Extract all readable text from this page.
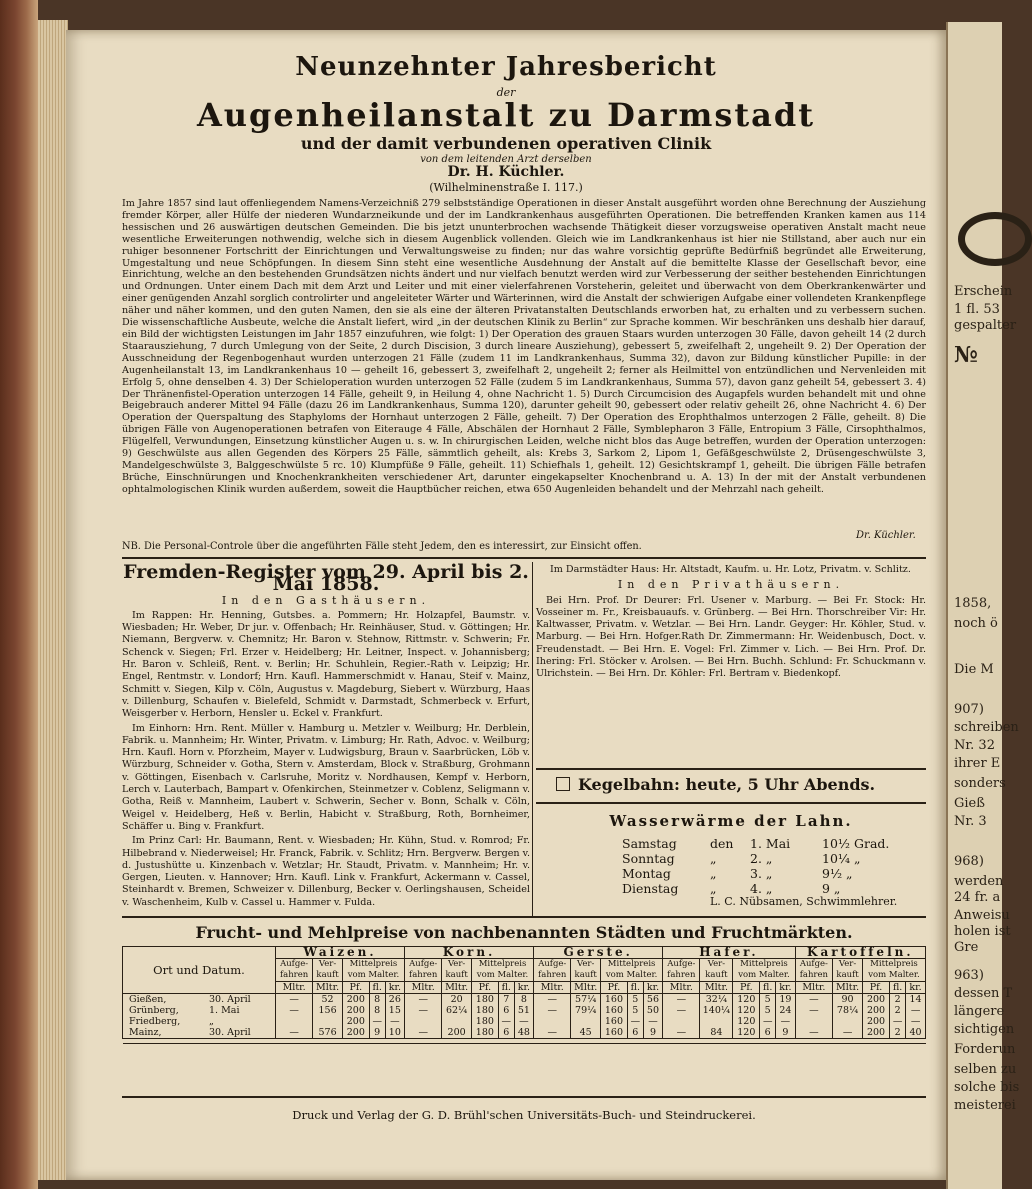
Neunzehnter Jahresbericht
der
Augenheilanstalt zu Darmstadt
und der damit verbundenen operativen Clinik
von dem leitenden Arzt derselben
Dr. H. Küchler.
(Wilhelminenstraße I. 117.)
Im Jahre 1857 sind laut offenliegendem Namens-Verzeichniß 279 selbstständige Operationen in dieser Anstalt ausgeführt worden ohne Berechnung der Ausziehung fremder Körper, aller Hülfe der niederen Wundarzneikunde und der im Landkrankenhaus ausgeführten Operationen. Die betreffenden Kranken kamen aus 114 hessischen und 26 auswärtigen deutschen Gemeinden. Die bis jetzt ununterbrochen wachsende Thätigkeit dieser vorzugsweise operativen Anstalt macht neue wesentliche Erweiterungen nothwendig, welche sich in diesem Augenblick vollenden. Gleich wie im Landkrankenhaus ist hier nie Stillstand, aber auch nur ein ruhiger besonnener Fortschritt der Einrichtungen und Verwaltungsweise zu finden; nur das wahre vorsichtig geprüfte Bedürfniß begründet alle Erweiterung, Umgestaltung und neue Schöpfungen. In diesem Sinn steht eine wesentliche Ausdehnung der Anstalt auf die bemittelte Klasse der Gesellschaft bevor, eine Einrichtung, welche an den bestehenden Grundsätzen nichts ändert und nur vielfach benutzt werden wird zur Verbesserung der seither bestehenden Einrichtungen und Ordnungen. Unter einem Dach mit dem Arzt und Leiter und mit einer vielerfahrenen Vorsteherin, geleitet und überwacht von dem Oberkrankenwärter und einer genügenden Anzahl sorglich controlirter und angeleiteter Wärter und Wärterinnen, wird die Anstalt der schwierigen Aufgabe einer vollendeten Krankenpflege näher und näher kommen, und den guten Namen, den sie als eine der älteren Privatanstalten Deutschlands erworben hat, zu erhalten und zu verbessern suchen. Die wissenschaftliche Ausbeute, welche die Anstalt liefert, wird „in der deutschen Klinik zu Berlin“ zur Sprache kommen. Wir beschränken uns deshalb hier darauf, ein Bild der wichtigsten Leistungen im Jahr 1857 einzufuhren, wie folgt: 1) Der Operation des grauen Staars wurden unterzogen 30 Fälle, davon geheilt 14 (2 durch Staarausziehung, 7 durch Umlegung von der Seite, 2 durch Discision, 3 durch lineare Ausziehung), gebessert 5, zweifelhaft 2, ungeheilt 9. 2) Der Operation der Ausschneidung der Regenbogenhaut wurden unterzogen 21 Fälle (zudem 11 im Landkrankenhaus, Summa 32), davon zur Bildung künstlicher Pupille: in der Augenheilanstalt 13, im Landkrankenhaus 10 — geheilt 16, gebessert 3, zweifelhaft 2, ungeheilt 2; ferner als Heilmittel von entzündlichen und Nervenleiden mit Erfolg 5, ohne denselben 4. 3) Der Schieloperation wurden unterzogen 52 Fälle (zudem 5 im Landkrankenhaus, Summa 57), davon ganz geheilt 54, gebessert 3. 4) Der Thränenfistel-Operation unterzogen 14 Fälle, geheilt 9, in Heilung 4, ohne Nachricht 1. 5) Durch Circumcision des Augapfels wurden behandelt mit und ohne Beigebrauch anderer Mittel 94 Fälle (dazu 26 im Landkrankenhaus, Summa 120), darunter geheilt 90, gebessert oder relativ geheilt 26, ohne Nachricht 4. 6) Der Operation der Querspaltung des Staphyloms der Hornhaut unterzogen 2 Fälle, geheilt. 7) Der Operation des Erophthalmos unterzogen 2 Fälle, geheilt. 8) Die übrigen Fälle von Augenoperationen betrafen von Eiterauge 4 Fälle, Abschälen der Hornhaut 2 Fälle, Symblepharon 3 Fälle, Entropium 3 Fälle, Cirsophthalmos, Flügelfell, Verwundungen, Einsetzung künstlicher Augen u. s. w. In chirurgischen Leiden, welche nicht blos das Auge betreffen, wurden der Operation unterzogen: 9) Geschwülste aus allen Gegenden des Körpers 25 Fälle, sämmtlich geheilt, als: Krebs 3, Sarkom 2, Lipom 1, Gefäßgeschwülste 2, Drüsengeschwülste 3, Mandelgeschwülste 3, Balggeschwülste 5 rc. 10) Klumpfüße 9 Fälle, geheilt. 11) Schiefhals 1, geheilt. 12) Gesichtskrampf 1, geheilt. Die übrigen Fälle betrafen Brüche, Einschnürungen und Knochenkrankheiten verschiedener Art, darunter eingekapselter Knochenbrand u. A. 13) In der mit der Anstalt verbundenen ophtalmologischen Klinik wurden außerdem, soweit die Hauptbücher reichen, etwa 650 Augenleiden behandelt und der Mehrzahl nach geheilt.
Dr. Küchler.
NB. Die Personal-Controle über die angeführten Fälle steht Jedem, den es interessirt, zur Einsicht offen.
Fremden-Register vom 29. April bis 2. Mai 1858.
In den Gasthäusern.

Im Rappen: Hr. Henning, Gutsbes. a. Pommern; Hr. Holzapfel, Baumstr. v. Wiesbaden; Hr. Weber, Dr jur. v. Offenbach; Hr. Reinhäuser, Stud. v. Göttingen; Hr. Niemann, Bergverw. v. Chemnitz; Hr. Baron v. Stehnow, Rittmstr. v. Schwerin; Fr. Schenck v. Siegen; Frl. Erzer v. Heidelberg; Hr. Leitner, Inspect. v. Johannisberg; Hr. Baron v. Schleiß, Rent. v. Berlin; Hr. Schuhlein, Regier.-Rath v. Leipzig; Hr. Engel, Rentmstr. v. Londorf; Hrn. Kaufl. Hammerschmidt v. Hanau, Steif v. Mainz, Schmitt v. Siegen, Kilp v. Cöln, Augustus v. Magdeburg, Siebert v. Würzburg, Haas v. Dillenburg, Schaufen v. Bielefeld, Schmidt v. Darmstadt, Schmerbeck v. Erfurt, Weisgerber v. Herborn, Hensler u. Eckel v. Frankfurt.

Im Einhorn: Hrn. Rent. Müller v. Hamburg u. Metzler v. Weilburg; Hr. Derblein, Fabrik. u. Mannheim; Hr. Winter, Privatm. v. Limburg; Hr. Rath, Advoc. v. Weilburg; Hrn. Kaufl. Horn v. Pforzheim, Mayer v. Ludwigsburg, Braun v. Saarbrücken, Löb v. Würzburg, Schneider v. Gotha, Stern v. Amsterdam, Block v. Straßburg, Grohmann v. Göttingen, Eisenbach v. Carlsruhe, Moritz v. Nordhausen, Kempf v. Herborn, Lerch v. Lauterbach, Bampart v. Ofenkirchen, Steinmetzer v. Coblenz, Seligmann v. Gotha, Reiß v. Mannheim, Laubert v. Schwerin, Secher v. Bonn, Schalk v. Cöln, Weigel v. Heidelberg, Heß v. Berlin, Habicht v. Straßburg, Roth, Bornheimer, Schäffer u. Bing v. Frankfurt.

Im Prinz Carl: Hr. Baumann, Rent. v. Wiesbaden; Hr. Kühn, Stud. v. Romrod; Fr. Hilbebrand v. Niederweisel; Hr. Franck, Fabrik. v. Schlitz; Hrn. Bergverw. Bergen v. d. Justushütte u. Kinzenbach v. Wetzlar; Hr. Staudt, Privatm. v. Mannheim; Hr. v. Gergen, Lieuten. v. Hannover; Hrn. Kaufl. Link v. Frankfurt, Ackermann v. Cassel, Steinhardt v. Bremen, Schweizer v. Dillenburg, Becker v. Oerlingshausen, Scheidel v. Waschenheim, Kulb v. Cassel u. Hammer v. Fulda.

Im Darmstädter Haus: Hr. Altstadt, Kaufm. u. Hr. Lotz, Privatm. v. Schlitz.

In den Privathäusern.

Bei Hrn. Prof. Dr Deurer: Frl. Usener v. Marburg. — Bei Fr. Stock: Hr. Vosseiner m. Fr., Kreisbauaufs. v. Grünberg. — Bei Hrn. Thorschreiber Vir: Hr. Kaltwasser, Privatm. v. Wetzlar. — Bei Hrn. Landr. Geyger: Hr. Köhler, Stud. v. Marburg. — Bei Hrn. Hofger.Rath Dr. Zimmermann: Hr. Weidenbusch, Doct. v. Freudenstadt. — Bei Hrn. E. Vogel: Frl. Zimmer v. Lich. — Bei Hrn. Prof. Dr. Ihering: Frl. Stöcker v. Arolsen. — Bei Hrn. Buchh. Schlund: Fr. Schuckmann v. Ulrichstein. — Bei Hrn. Dr. Köhler: Frl. Bertram v. Biedenkopf.

Kegelbahn: heute, 5 Uhr Abends.
Wasserwärme der Lahn.
Samstag	den 1. Mai	10½ Grad.
Sonntag	„	2. „	10¼ „
Montag	„	3. „	9½ „
Dienstag	„	4. „	9 „
L. C. Nübsamen, Schwimmlehrer.
Frucht- und Mehlpreise von nachbenannten Städten und Fruchtmärkten.
Ort und Datum.	Waizen.					Korn.					Gerste.					Hafer.					Kartoffeln.				
	Aufge-fahren	Ver-kauft	Mittelpreis vom Malter.			Aufge-fahren	Ver-kauft	Mittelpreis vom Malter.			Aufge-fahren	Ver-kauft	Mittelpreis vom Malter.			Aufge-fahren	Ver-kauft	Mittelpreis vom Malter.			Aufge-fahren	Ver-kauft	Mittelpreis vom Malter.		
	Mltr.	Mltr.	Pf.	fl.	kr.	Mltr.	Mltr.	Pf.	fl.	kr.	Mltr.	Mltr.	Pf.	fl.	kr.	Mltr.	Mltr.	Pf.	fl.	kr.	Mltr.	Mltr.	Pf.	fl.	kr.
Gießen, 30. April	—	52	200	8	26	—	20	180	7	8	—	57¼	160	5	56	—	32¼	120	5	19	—	90	200	2	14
Grünberg, 1. Mai	—	156	200	8	15	—	62¼	180	6	51	—	79¼	160	5	50	—	140¼	120	5	24	—	78¼	200	2	—
Friedberg, „			200	—	—			180	—	—			160	—	—			120	—	—			200	—	—
Mainz, 30. April	—	576	200	9	10	—	200	180	6	48	—	45	160	6	9	—	84	120	6	9	—	—	200	2	40

Druck und Verlag der G. D. Brühl'schen Universitäts-Buch- und Steindruckerei.
1858,
noch ö
Die M
907)
schreiben
Nr. 32
ihrer E
sonders
Gieß
Nr. 3
968)
werden
24 fr. a
Anweisu
holen ist
Gre
963)
dessen T
längere
sichtigen
Forderun
selben zu
solche bis
meisterei
Erschein
1 fl. 53
gespalter
№
